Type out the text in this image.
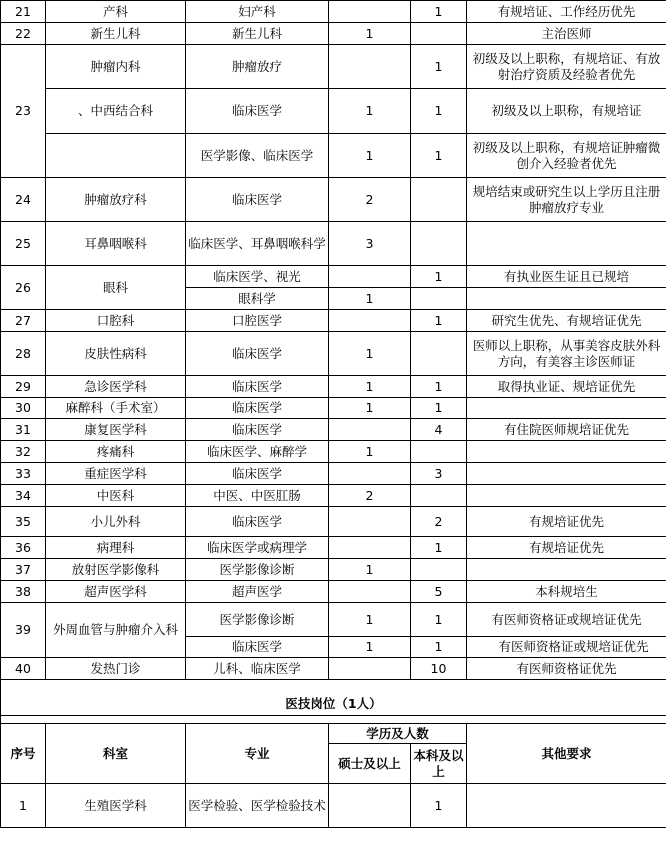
21	产科	妇产科		1	有规培证、工作经历优先
22	新生儿科	新生儿科	1		主治医师
23	肿瘤内科	肿瘤放疗		1	初级及以上职称，有规培证、有放射治疗资质及经验者优先
	、中西结合科	临床医学	1	1	初级及以上职称，有规培证
		医学影像、临床医学	1	1	初级及以上职称，有规培证肿瘤微创介入经验者优先
24	肿瘤放疗科	临床医学	2		规培结束或研究生以上学历且注册肿瘤放疗专业
25	耳鼻咽喉科	临床医学、耳鼻咽喉科学	3		
26	眼科	临床医学、视光		1	有执业医生证且已规培
		眼科学	1		
27	口腔科	口腔医学		1	研究生优先、有规培证优先
28	皮肤性病科	临床医学	1		医师以上职称，从事美容皮肤外科方向，有美容主诊医师证
29	急诊医学科	临床医学	1	1	取得执业证、规培证优先
30	麻醉科（手术室）	临床医学	1	1	
31	康复医学科	临床医学		4	有住院医师规培证优先
32	疼痛科	临床医学、麻醉学	1		
33	重症医学科	临床医学		3	
34	中医科	中医、中医肛肠	2		
35	小儿外科	临床医学		2	有规培证优先
36	病理科	临床医学或病理学		1	有规培证优先
37	放射医学影像科	医学影像诊断	1		
38	超声医学科	超声医学		5	本科规培生
39	外周血管与肿瘤介入科	医学影像诊断	1	1	有医师资格证或规培证优先
		临床医学	1	1	有医师资格证或规培证优先
40	发热门诊	儿科、临床医学		10	有医师资格证优先

医技岗位（1人）					

序号	科室	专业	学历及人数		其他要求
			硕士及以上	本科及以上	
1	生殖医学科	医学检验、医学检验技术		1	
